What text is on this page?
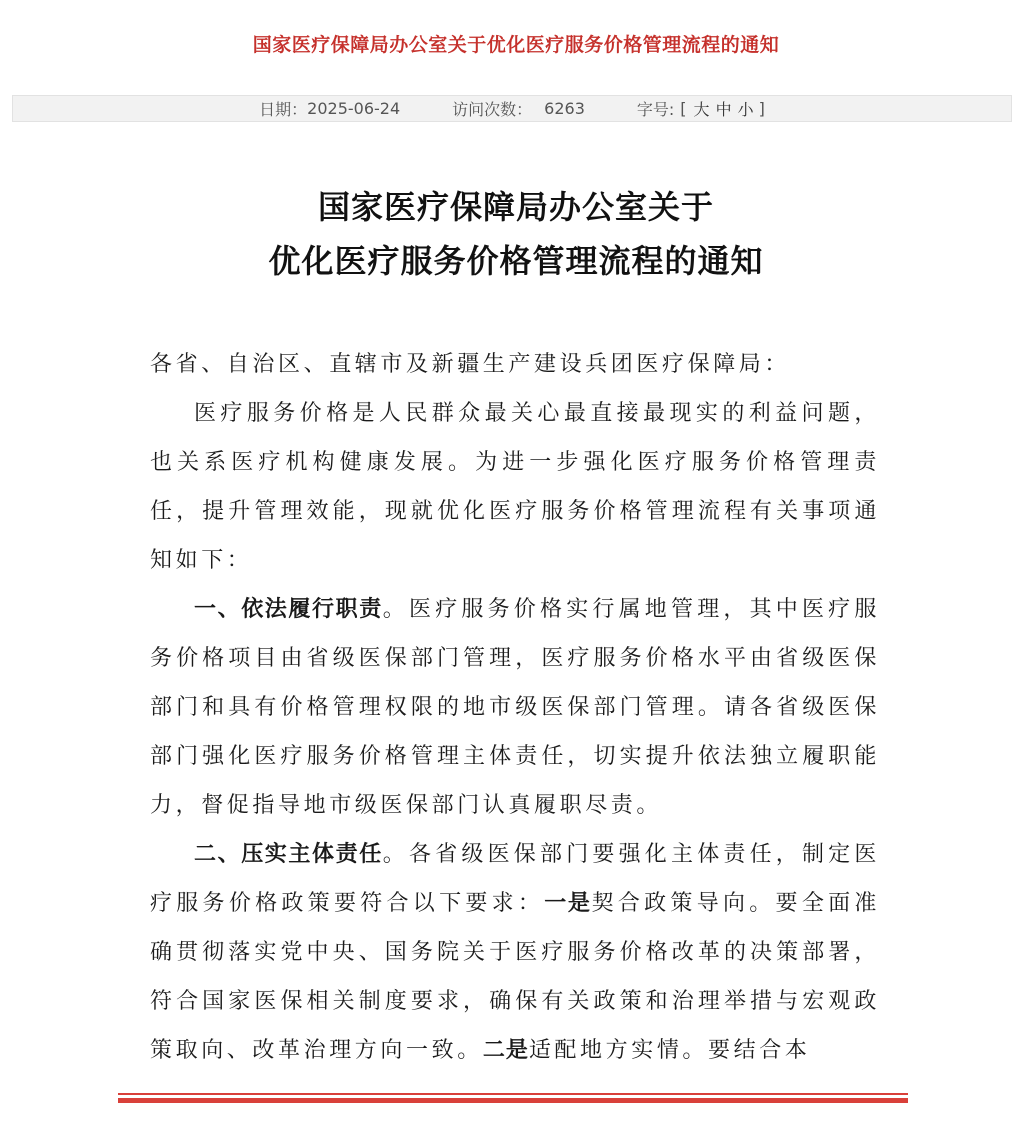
国家医疗保障局办公室关于优化医疗服务价格管理流程的通知
日期： 2025-06-24	访问次数： 6263	字号: [ 大 中 小 ]
国家医疗保障局办公室关于
优化医疗服务价格管理流程的通知

各省、自治区、直辖市及新疆生产建设兵团医疗保障局：

医疗服务价格是人民群众最关心最直接最现实的利益问题，也关系医疗机构健康发展。为进一步强化医疗服务价格管理责任，提升管理效能，现就优化医疗服务价格管理流程有关事项通知如下：

一、依法履行职责。医疗服务价格实行属地管理，其中医疗服务价格项目由省级医保部门管理，医疗服务价格水平由省级医保部门和具有价格管理权限的地市级医保部门管理。请各省级医保部门强化医疗服务价格管理主体责任，切实提升依法独立履职能力，督促指导地市级医保部门认真履职尽责。

二、压实主体责任。各省级医保部门要强化主体责任，制定医疗服务价格政策要符合以下要求：一是契合政策导向。要全面准确贯彻落实党中央、国务院关于医疗服务价格改革的决策部署，符合国家医保相关制度要求，确保有关政策和治理举措与宏观政策取向、改革治理方向一致。二是适配地方实情。要结合本
